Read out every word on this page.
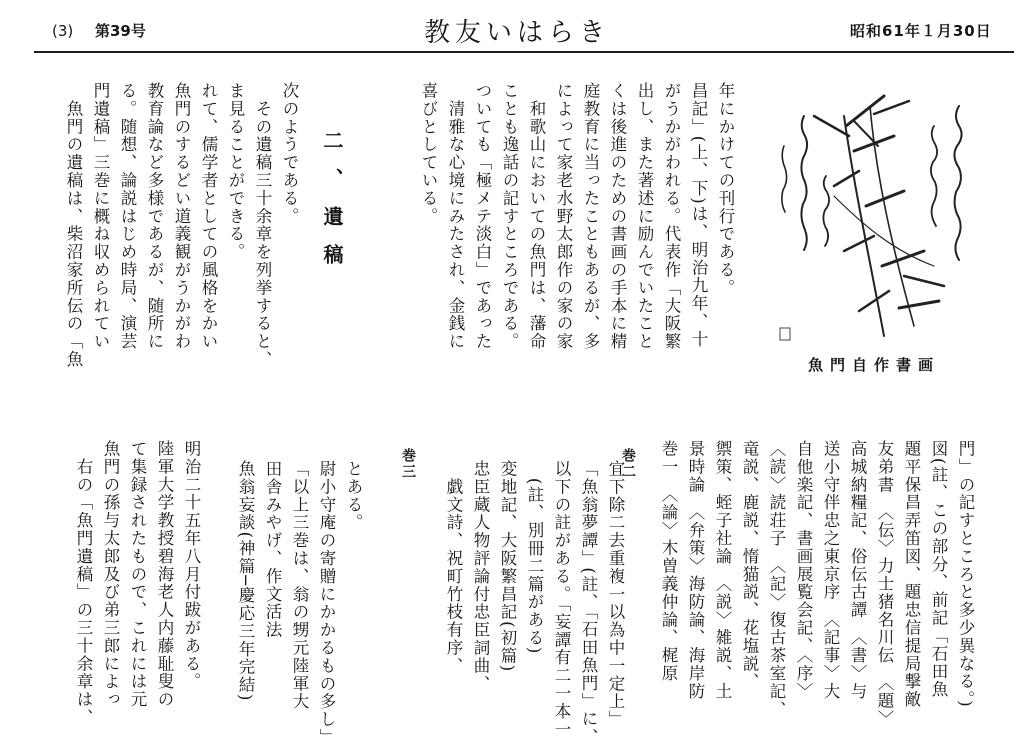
(3) 第39号	教友いはらき	昭和61年１月30日
年にかけての刊行である。
昌記」(上、下)は、明治九年、十
がうかがわれる。代表作「大阪繁
出し、また著述に励んでいたこと
くは後進のための書画の手本に精
庭教育に当ったこともあるが、多
によって家老水野太郎作の家の家
　和歌山においての魚門は、藩命
ことも逸話の記すところである。
ついても「極メテ淡白」であった
　清雅な心境にみたされ、金銭に
喜びとしている。
二、遺稿
次のようである。
　その遺稿三十余章を列挙すると、
ま見ることができる。
れて、儒学者としての風格をかい
魚門のするどい道義観がうかがわ
教育論など多様であるが、随所に
る。随想、論説はじめ時局、演芸
門遺稿」三巻に概ね収められてい
　魚門の遺稿は、柴沼家所伝の「魚	魚門自作書画
門」の記すところと多少異なる。)
図(註、この部分、前記「石田魚
題平保昌弄笛図、題忠信提局撃敵
友弟書　〈伝〉力士猪名川伝　〈題〉
高城納糧記、俗伝古譚　〈書〉与
送小守伴忠之東京序　〈記事〉大
自他楽記、書画展覧会記、〈序〉
〈読〉読荘子　〈記〉復古茶室記、
竜説、鹿説、惰猫説、花塩説、
禦策、蛭子社論　〈説〉雑説、土
景時論　〈弁策〉海防論、海岸防
巻一　〈論〉木曽義仲論、梶原
巻二
宜下除二去重複一以為中一定上」
「魚翁夢譚」(註、「石田魚門」に、
以下の註がある。「妄譚有二一本一
　(註、別冊二篇がある)
変地記、大阪繁昌記(初篇)
忠臣蔵人物評論付忠臣詞曲、
　戯文詩、祝町竹枝有序、
巻三
とある。
尉小守庵の寄贈にかかるもの多し」
「以上三巻は、翁の甥元陸軍大
田舎みやげ、作文活法
魚翁妄談(神篇─慶応三年完結)
明治二十五年八月付跋がある。
陸軍大学教授碧海老人内藤耻叟の
て集録されたもので、これには元
魚門の孫与太郎及び弟三郎によっ
　右の「魚門遺稿」の三十余章は、
